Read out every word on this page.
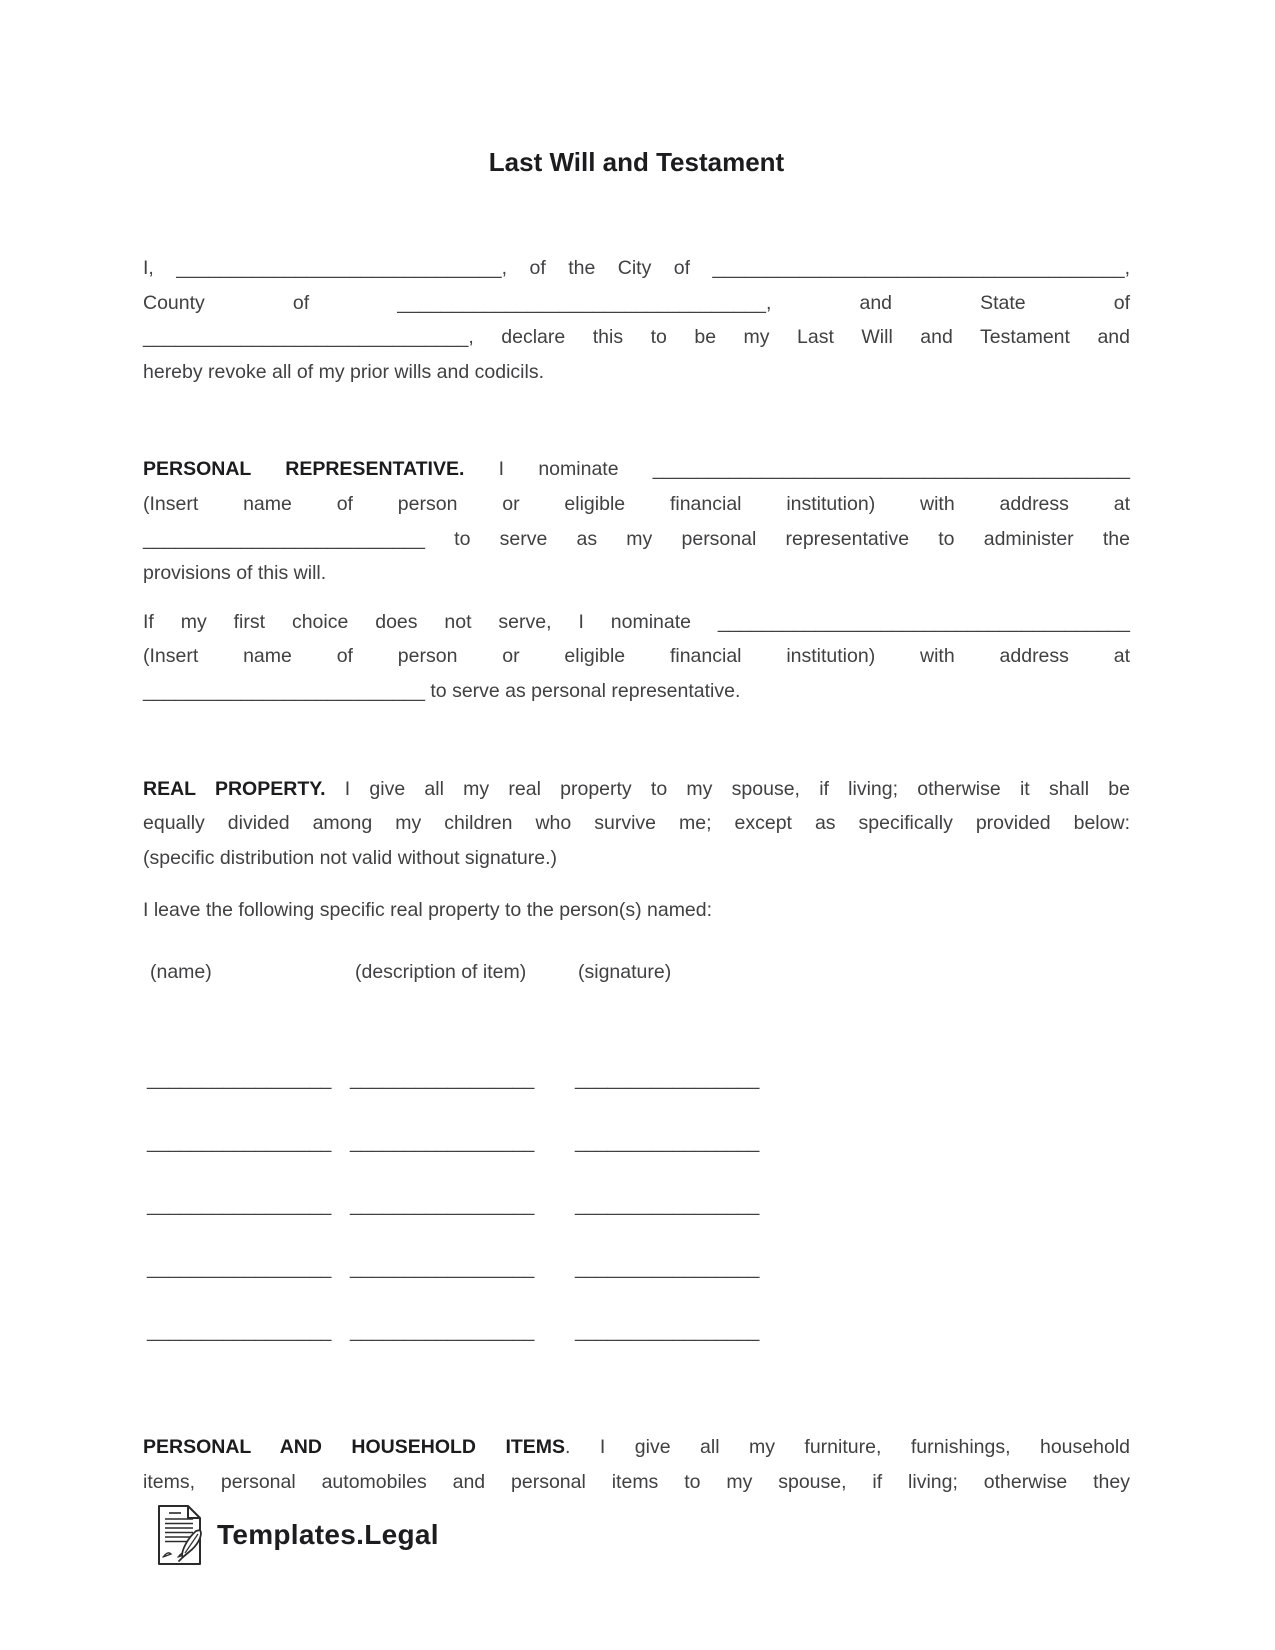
Last Will and Testament
I, ______________________________, of the City of ______________________________________,
County of __________________________________, and State of
______________________________, declare this to be my Last Will and Testament and
hereby revoke all of my prior wills and codicils.
PERSONAL REPRESENTATIVE. I nominate ____________________________________________
(Insert name of person or eligible financial institution) with address at
__________________________ to serve as my personal representative to administer the
provisions of this will.
If my first choice does not serve, I nominate ______________________________________
(Insert name of person or eligible financial institution) with address at
__________________________ to serve as personal representative.
REAL PROPERTY. I give all my real property to my spouse, if living; otherwise it shall be
equally divided among my children who survive me; except as specifically provided below:
(specific distribution not valid without signature.)
I leave the following specific real property to the person(s) named:
(name)	(description of item)	(signature)
_________________ _________________ _________________
_________________ _________________ _________________
_________________ _________________ _________________
_________________ _________________ _________________
_________________ _________________ _________________
PERSONAL AND HOUSEHOLD ITEMS. I give all my furniture, furnishings, household
items, personal automobiles and personal items to my spouse, if living; otherwise they
Templates.Legal
